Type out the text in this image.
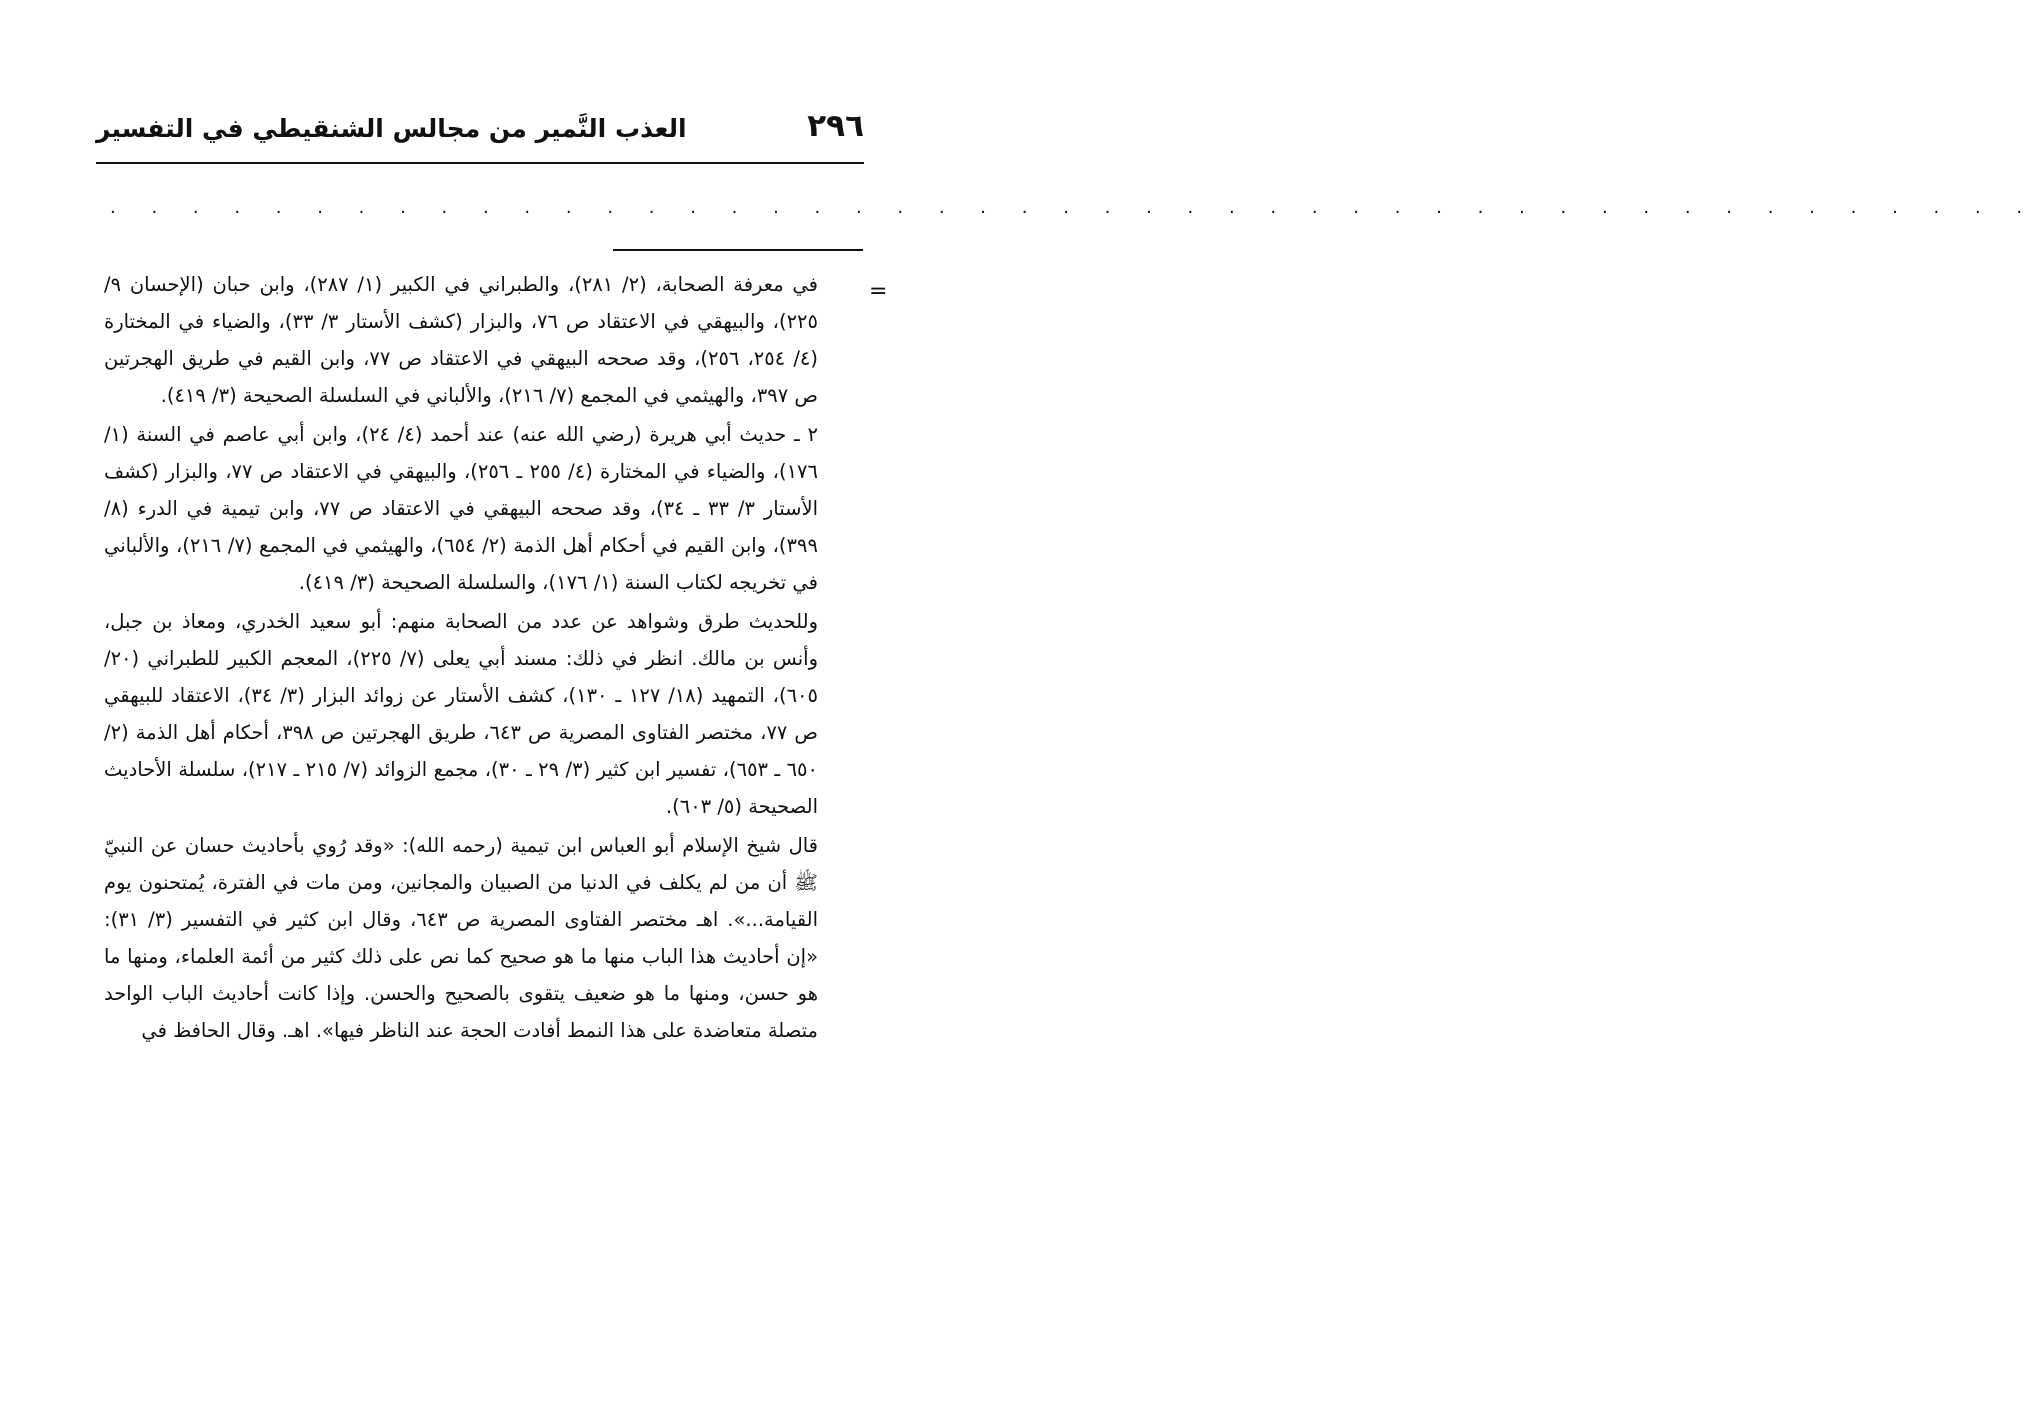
٢٩٦
العذب النَّمير من مجالس الشنقيطي في التفسير
. . . . . . . . . . . . . . . . . . . . . . . . . . . . . . . . . . . . . . . . . . . . . . .
=

في معرفة الصحابة، (٢/ ٢٨١)، والطبراني في الكبير (١/ ٢٨٧)، وابن حبان (الإحسان ٩/ ٢٢٥)، والبيهقي في الاعتقاد ص ٧٦، والبزار (كشف الأستار ٣/ ٣٣)، والضياء في المختارة (٤/ ٢٥٤، ٢٥٦)، وقد صححه البيهقي في الاعتقاد ص ٧٧، وابن القيم في طريق الهجرتين ص ٣٩٧، والهيثمي في المجمع (٧/ ٢١٦)، والألباني في السلسلة الصحيحة (٣/ ٤١٩).

٢ ـ حديث أبي هريرة (رضي الله عنه) عند أحمد (٤/ ٢٤)، وابن أبي عاصم في السنة (١/ ١٧٦)، والضياء في المختارة (٤/ ٢٥٥ ـ ٢٥٦)، والبيهقي في الاعتقاد ص ٧٧، والبزار (كشف الأستار ٣/ ٣٣ ـ ٣٤)، وقد صححه البيهقي في الاعتقاد ص ٧٧، وابن تيمية في الدرء (٨/ ٣٩٩)، وابن القيم في أحكام أهل الذمة (٢/ ٦٥٤)، والهيثمي في المجمع (٧/ ٢١٦)، والألباني في تخريجه لكتاب السنة (١/ ١٧٦)، والسلسلة الصحيحة (٣/ ٤١٩).

وللحديث طرق وشواهد عن عدد من الصحابة منهم: أبو سعيد الخدري، ومعاذ بن جبل، وأنس بن مالك. انظر في ذلك: مسند أبي يعلى (٧/ ٢٢٥)، المعجم الكبير للطبراني (٢٠/ ٦٠٥)، التمهيد (١٨/ ١٢٧ ـ ١٣٠)، كشف الأستار عن زوائد البزار (٣/ ٣٤)، الاعتقاد للبيهقي ص ٧٧، مختصر الفتاوى المصرية ص ٦٤٣، طريق الهجرتين ص ٣٩٨، أحكام أهل الذمة (٢/ ٦٥٠ ـ ٦٥٣)، تفسير ابن كثير (٣/ ٢٩ ـ ٣٠)، مجمع الزوائد (٧/ ٢١٥ ـ ٢١٧)، سلسلة الأحاديث الصحيحة (٥/ ٦٠٣).

قال شيخ الإسلام أبو العباس ابن تيمية (رحمه الله): «وقد رُوي بأحاديث حسان عن النبيّ ﷺ أن من لم يكلف في الدنيا من الصبيان والمجانين، ومن مات في الفترة، يُمتحنون يوم القيامة...». اهـ مختصر الفتاوى المصرية ص ٦٤٣، وقال ابن كثير في التفسير (٣/ ٣١): «إن أحاديث هذا الباب منها ما هو صحيح كما نص على ذلك كثير من أئمة العلماء، ومنها ما هو حسن، ومنها ما هو ضعيف يتقوى بالصحيح والحسن. وإذا كانت أحاديث الباب الواحد متصلة متعاضدة على هذا النمط أفادت الحجة عند الناظر فيها». اهـ. وقال الحافظ في
